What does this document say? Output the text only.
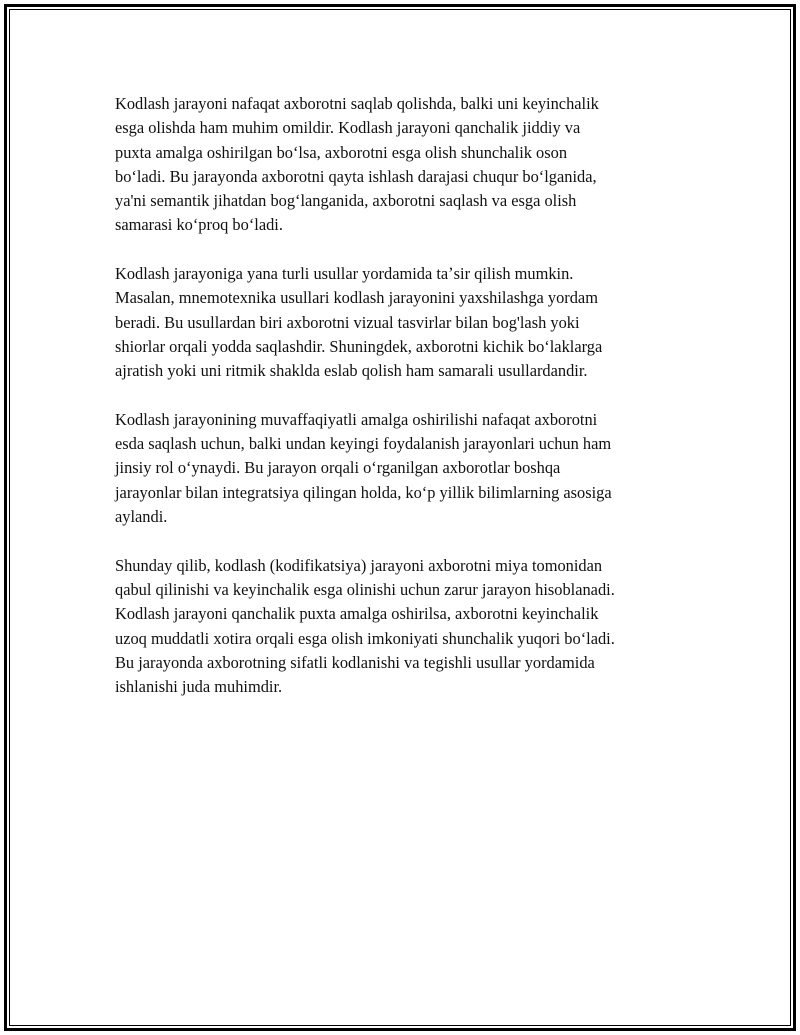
Kodlash jarayoni nafaqat axborotni saqlab qolishda, balki uni keyinchalik
esga olishda ham muhim omildir. Kodlash jarayoni qanchalik jiddiy va
puxta amalga oshirilgan boʻlsa, axborotni esga olish shunchalik oson
boʻladi. Bu jarayonda axborotni qayta ishlash darajasi chuqur boʻlganida,
ya'ni semantik jihatdan bogʻlanganida, axborotni saqlash va esga olish
samarasi koʻproq boʻladi.

Kodlash jarayoniga yana turli usullar yordamida taʼsir qilish mumkin.
Masalan, mnemotexnika usullari kodlash jarayonini yaxshilashga yordam
beradi. Bu usullardan biri axborotni vizual tasvirlar bilan bog'lash yoki
shiorlar orqali yodda saqlashdir. Shuningdek, axborotni kichik boʻlaklarga
ajratish yoki uni ritmik shaklda eslab qolish ham samarali usullardandir.

Kodlash jarayonining muvaffaqiyatli amalga oshirilishi nafaqat axborotni
esda saqlash uchun, balki undan keyingi foydalanish jarayonlari uchun ham
jinsiy rol oʻynaydi. Bu jarayon orqali oʻrganilgan axborotlar boshqa
jarayonlar bilan integratsiya qilingan holda, koʻp yillik bilimlarning asosiga
aylandi.

Shunday qilib, kodlash (kodifikatsiya) jarayoni axborotni miya tomonidan
qabul qilinishi va keyinchalik esga olinishi uchun zarur jarayon hisoblanadi.
Kodlash jarayoni qanchalik puxta amalga oshirilsa, axborotni keyinchalik
uzoq muddatli xotira orqali esga olish imkoniyati shunchalik yuqori boʻladi.
Bu jarayonda axborotning sifatli kodlanishi va tegishli usullar yordamida
ishlanishi juda muhimdir.
